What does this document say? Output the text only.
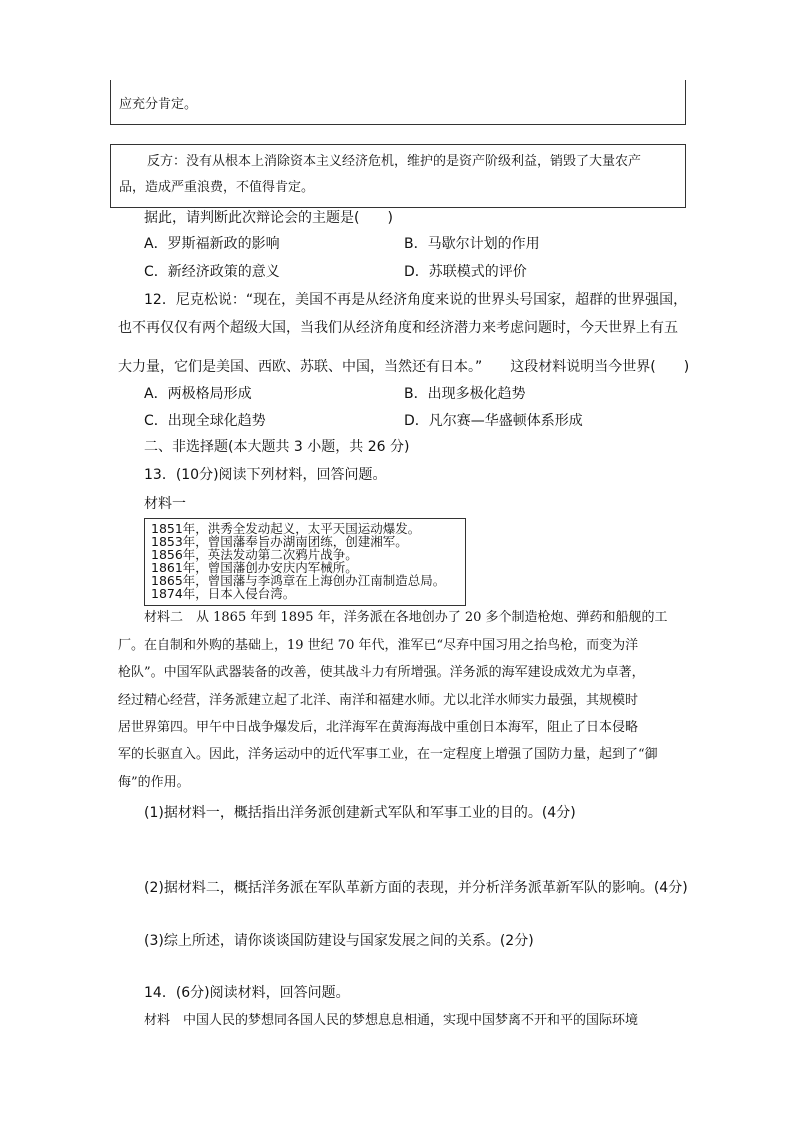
应充分肯定。
反方：没有从根本上消除资本主义经济危机，维护的是资产阶级利益，销毁了大量农产
品，造成严重浪费，不值得肯定。
据此，请判断此次辩论会的主题是(　　)
A．罗斯福新政的影响	B．马歇尔计划的作用
C．新经济政策的意义	D．苏联模式的评价
12．尼克松说：“现在，美国不再是从经济角度来说的世界头号国家，超群的世界强国，
也不再仅仅有两个超级大国，当我们从经济角度和经济潜力来考虑问题时，今天世界上有五
大力量，它们是美国、西欧、苏联、中国，当然还有日本。”　　这段材料说明当今世界(　　)
A．两极格局形成	B．出现多极化趋势
C．出现全球化趋势	D．凡尔赛—华盛顿体系形成
二、非选择题(本大题共 3 小题，共 26 分)
13．(10分)阅读下列材料，回答问题。
材料一
1851年，洪秀全发动起义，太平天国运动爆发。
1853年，曾国藩奉旨办湖南团练，创建湘军。
1856年，英法发动第二次鸦片战争。
1861年，曾国藩创办安庆内军械所。
1865年，曾国藩与李鸿章在上海创办江南制造总局。
1874年，日本入侵台湾。
材料二　从 1865 年到 1895 年，洋务派在各地创办了 20 多个制造枪炮、弹药和船舰的工
厂。在自制和外购的基础上，19 世纪 70 年代，淮军已“尽弃中国习用之抬鸟枪，而变为洋
枪队”。中国军队武器装备的改善，使其战斗力有所增强。洋务派的海军建设成效尤为卓著，
经过精心经营，洋务派建立起了北洋、南洋和福建水师。尤以北洋水师实力最强，其规模时
居世界第四。甲午中日战争爆发后，北洋海军在黄海海战中重创日本海军，阻止了日本侵略
军的长驱直入。因此，洋务运动中的近代军事工业，在一定程度上增强了国防力量，起到了“御
侮”的作用。
(1)据材料一，概括指出洋务派创建新式军队和军事工业的目的。(4分)
(2)据材料二，概括洋务派在军队革新方面的表现，并分析洋务派革新军队的影响。(4分)
(3)综上所述，请你谈谈国防建设与国家发展之间的关系。(2分)
14．(6分)阅读材料，回答问题。
材料　中国人民的梦想同各国人民的梦想息息相通，实现中国梦离不开和平的国际环境
